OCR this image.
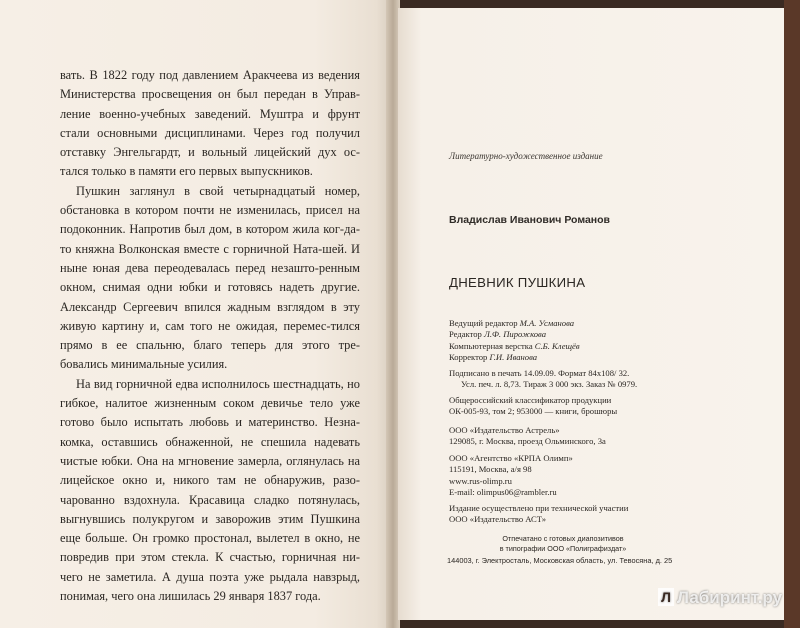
вать. В 1822 году под давлением Аракчеева из ведения Министерства просвещения он был передан в Управ-ление военно-учебных заведений. Муштра и фрунт стали основными дисциплинами. Через год получил отставку Энгельгардт, и вольный лицейский дух ос-тался только в памяти его первых выпускников.

Пушкин заглянул в свой четырнадцатый номер, обстановка в котором почти не изменилась, присел на подоконник. Напротив был дом, в котором жила ког-да-то княжна Волконская вместе с горничной Ната-шей. И ныне юная дева переодевалась перед незашто-ренным окном, снимая одни юбки и готовясь надеть другие. Александр Сергеевич впился жадным взглядом в эту живую картину и, сам того не ожидая, перемес-тился прямо в ее спальню, благо теперь для этого тре-бовались минимальные усилия.

На вид горничной едва исполнилось шестнадцать, но гибкое, налитое жизненным соком девичье тело уже готово было испытать любовь и материнство. Незна-комка, оставшись обнаженной, не спешила надевать чистые юбки. Она на мгновение замерла, оглянулась на лицейское окно и, никого там не обнаружив, разо-чарованно вздохнула. Красавица сладко потянулась, выгнувшись полукругом и заворожив этим Пушкина еще больше. Он громко простонал, вылетел в окно, не повредив при этом стекла. К счастью, горничная ни-чего не заметила. А душа поэта уже рыдала навзрыд, понимая, чего она лишилась 29 января 1837 года.

Литературно-художественное издание
Владислав Иванович Романов
ДНЕВНИК ПУШКИНА
Ведущий редактор М.А. Усманова
Редактор Л.Ф. Пирожкова
Компьютерная верстка С.Б. Клещёв
Корректор Г.И. Иванова
Подписано в печать 14.09.09. Формат 84х108/ 32.
Усл. печ. л. 8,73. Тираж 3 000 экз. Заказ № 0979.

Общероссийский классификатор продукции

ОК-005-93, том 2; 953000 — книги, брошюры

ООО «Издательство Астрель»

129085, г. Москва, проезд Ольминского, 3а

ООО «Агентство «КРПА Олимп»

115191, Москва, а/я 98

www.rus-olimp.ru

E-mail: olimpus06@rambler.ru

Издание осуществлено при технической участии

ООО «Издательство АСТ»

Отпечатано с готовых диапозитивов
в типографии ООО «Полиграфиздат»
144003, г. Электросталь, Московская область, ул. Тевосяна, д. 25
Л Лабиринт.ру
